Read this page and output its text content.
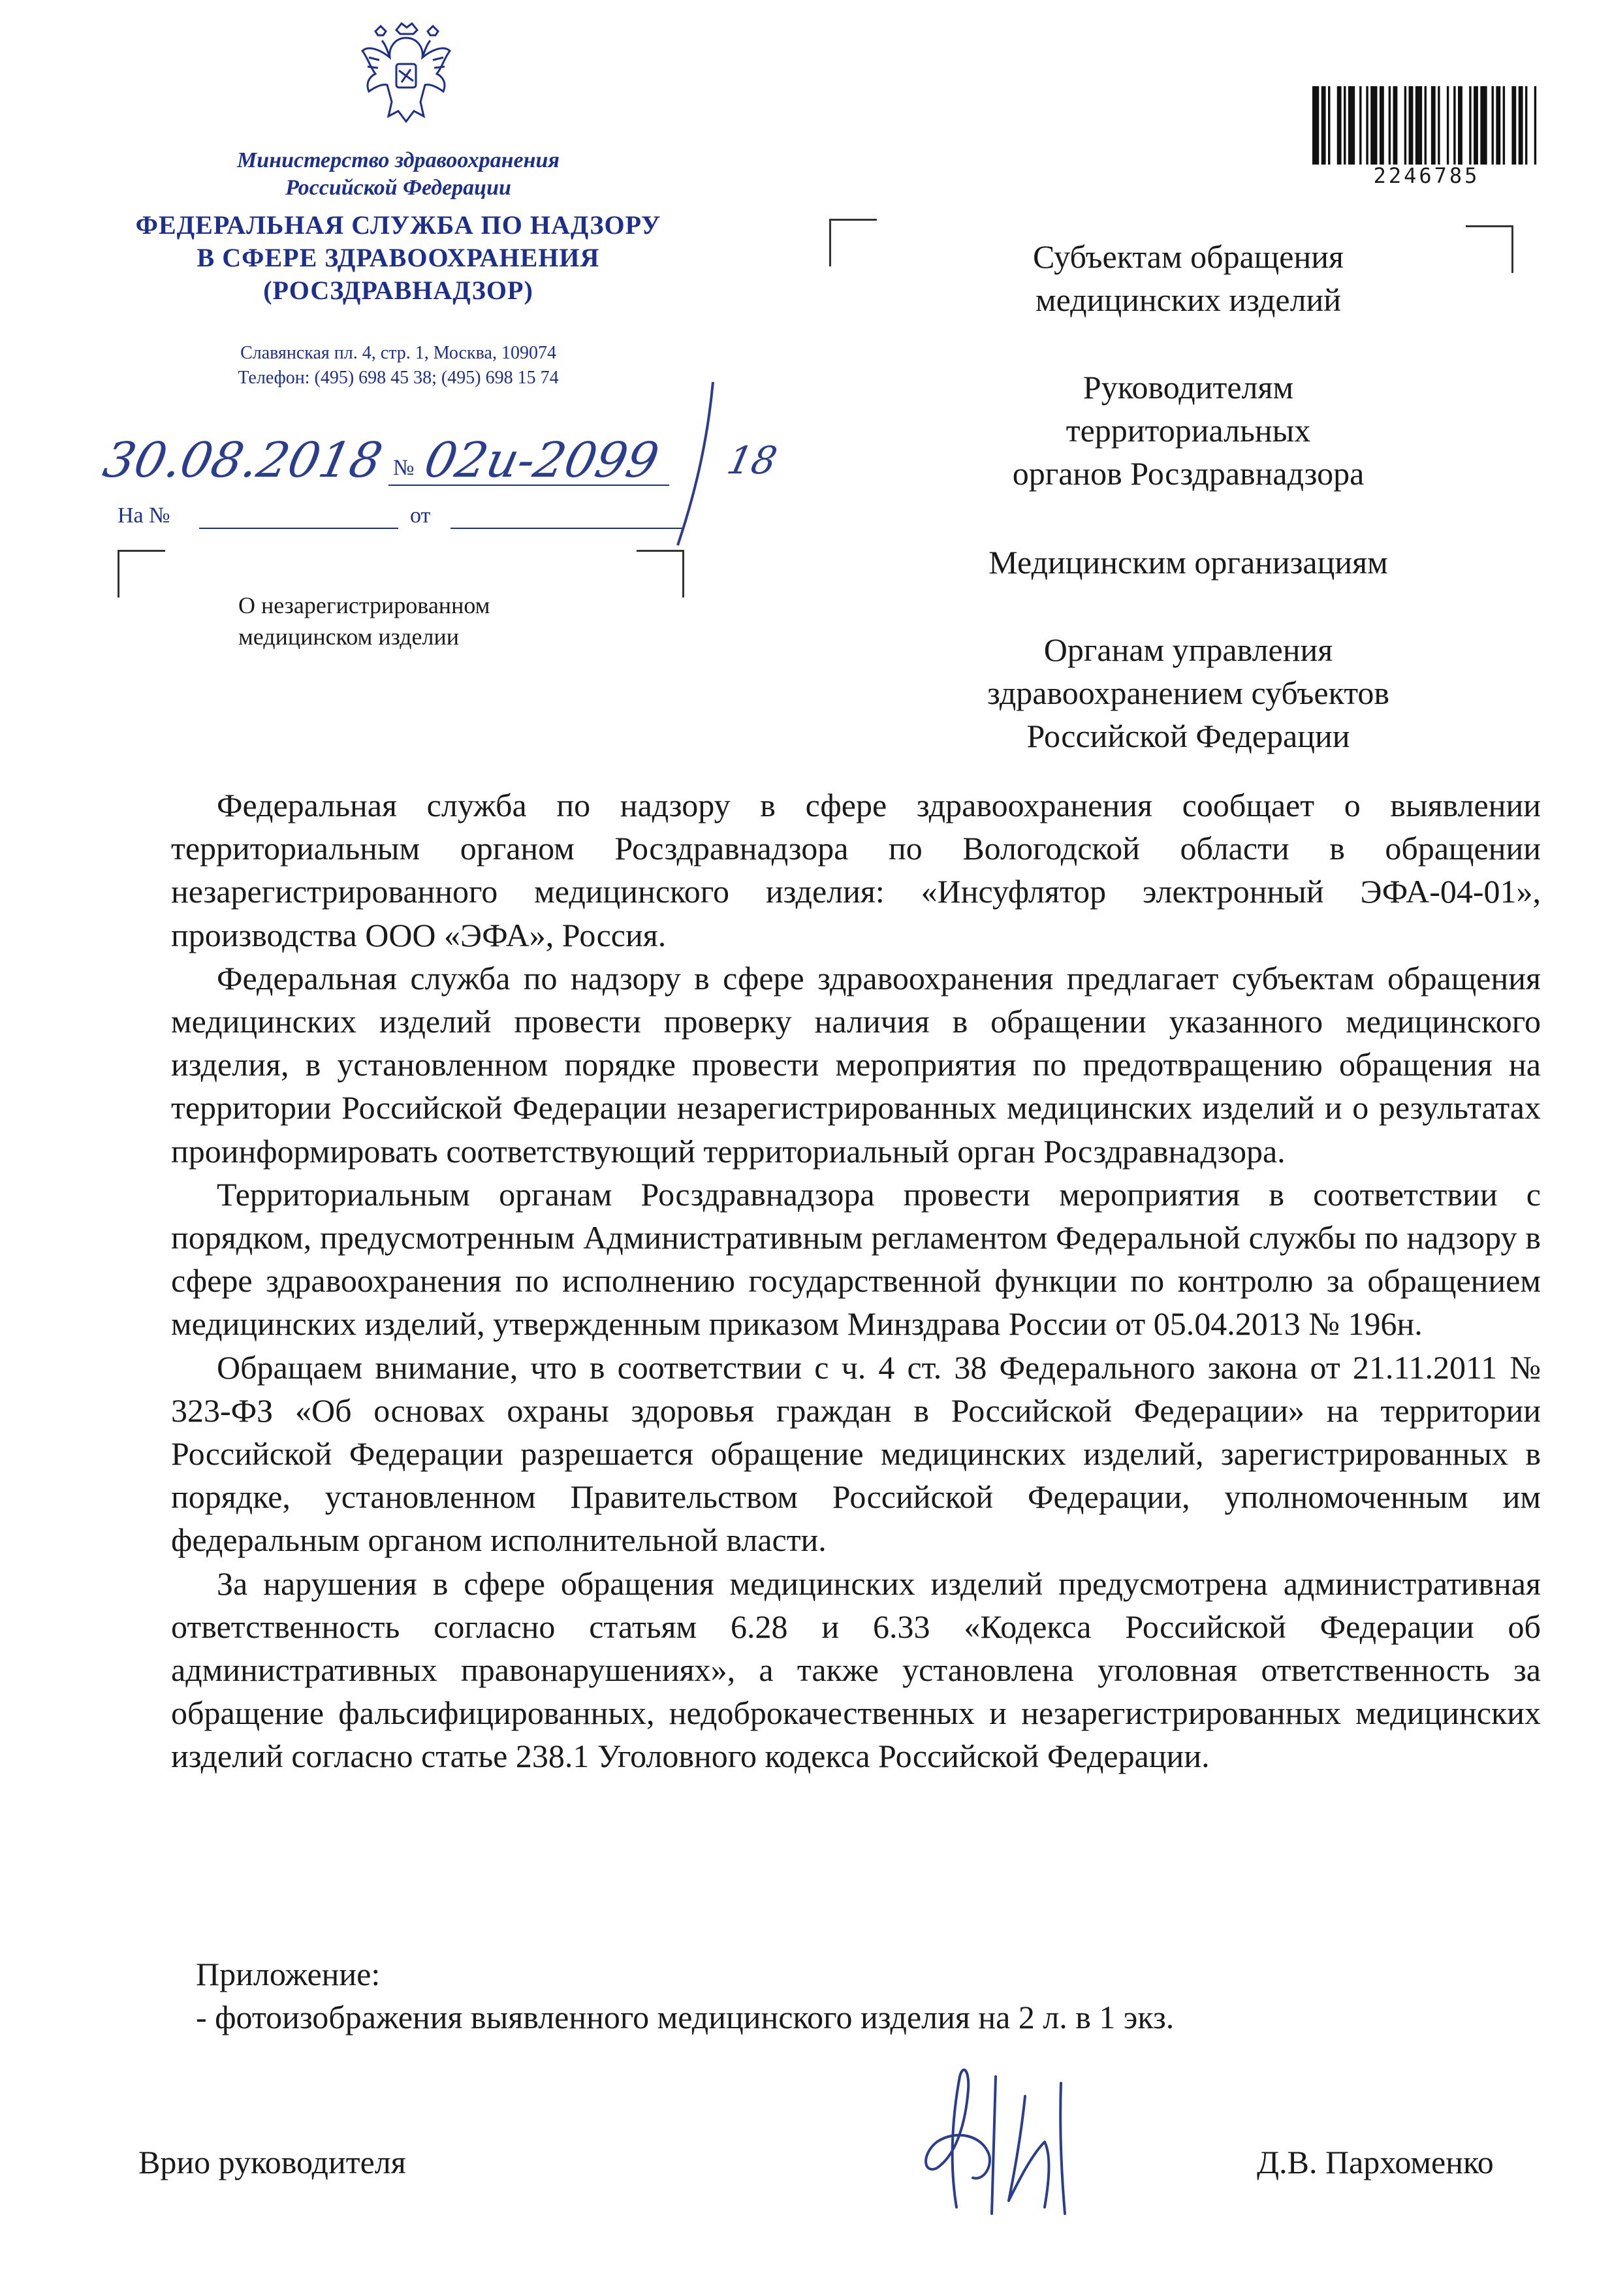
Министерство здравоохранения
Российской Федерации
ФЕДЕРАЛЬНАЯ СЛУЖБА ПО НАДЗОРУ
В СФЕРЕ ЗДРАВООХРАНЕНИЯ
(РОСЗДРАВНАДЗОР)
Славянская пл. 4, стр. 1, Москва, 109074
Телефон: (495) 698 45 38; (495) 698 15 74
30.08.2018 № 02и-2099 18
На №	от
О незарегистрированном
медицинском изделии
2246785
Субъектам обращения
медицинских изделий
Руководителям
территориальных
органов Росздравнадзора
Медицинским организациям
Органам управления
здравоохранением субъектов
Российской Федерации

Федеральная служба по надзору в сфере здравоохранения сообщает о выявлении территориальным органом Росздравнадзора по Вологодской области в обращении незарегистрированного медицинского изделия: «Инсуфлятор электронный ЭФА-04-01», производства ООО «ЭФА», Россия.

Федеральная служба по надзору в сфере здравоохранения предлагает субъектам обращения медицинских изделий провести проверку наличия в обращении указанного медицинского изделия, в установленном порядке провести мероприятия по предотвращению обращения на территории Российской Федерации незарегистрированных медицинских изделий и о результатах проинформировать соответствующий территориальный орган Росздравнадзора.

Территориальным органам Росздравнадзора провести мероприятия в соответствии с порядком, предусмотренным Административным регламентом Федеральной службы по надзору в сфере здравоохранения по исполнению государственной функции по контролю за обращением медицинских изделий, утвержденным приказом Минздрава России от 05.04.2013 № 196н.

Обращаем внимание, что в соответствии с ч. 4 ст. 38 Федерального закона от 21.11.2011 № 323-ФЗ «Об основах охраны здоровья граждан в Российской Федерации» на территории Российской Федерации разрешается обращение медицинских изделий, зарегистрированных в порядке, установленном Правительством Российской Федерации, уполномоченным им федеральным органом исполнительной власти.

За нарушения в сфере обращения медицинских изделий предусмотрена административная ответственность согласно статьям 6.28 и 6.33 «Кодекса Российской Федерации об административных правонарушениях», а также установлена уголовная ответственность за обращение фальсифицированных, недоброкачественных и незарегистрированных медицинских изделий согласно статье 238.1 Уголовного кодекса Российской Федерации.

Приложение:
- фотоизображения выявленного медицинского изделия на 2 л. в 1 экз.
Врио руководителя	Д.В. Пархоменко
